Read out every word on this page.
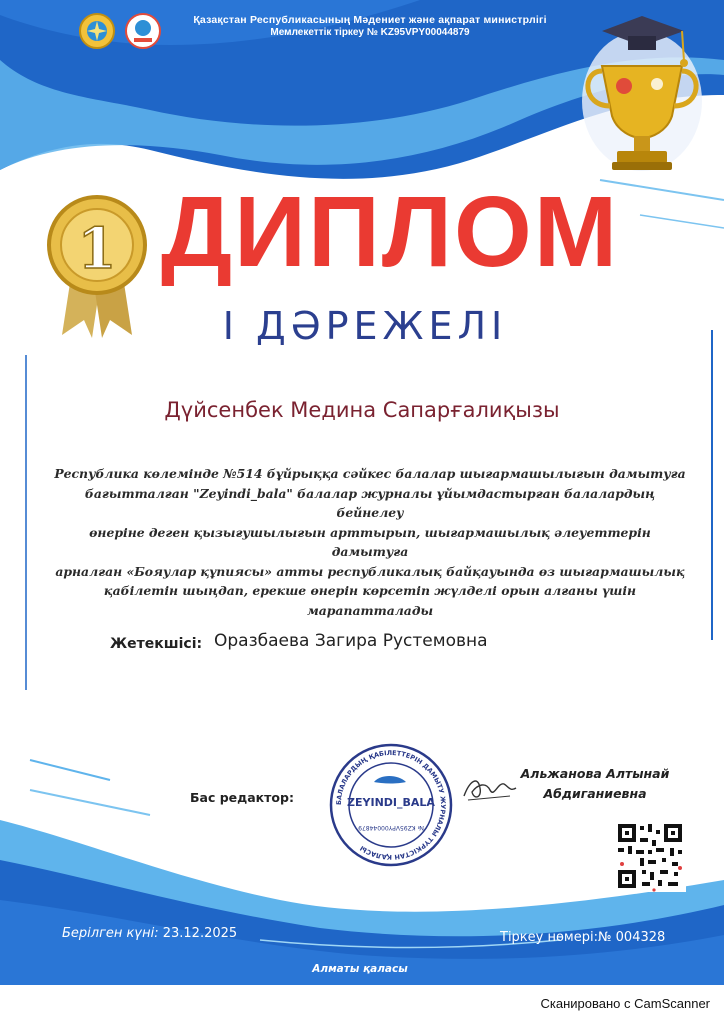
Қазақстан Республикасының Мәдениет және ақпарат министрлігі
Мемлекеттік тіркеу № KZ95VPY00044879
1 ДИПЛОМ
І ДӘРЕЖЕЛІ
Дүйсенбек Медина Сапарғалиқызы
Республика көлемінде №514 бұйрыққа сәйкес балалар шығармашылығын дамытуға
бағытталған "Zeyindi_bala" балалар журналы ұйымдастырған балалардың бейнелеу
өнеріне деген қызығушылығын арттырып, шығармашылық әлеуеттерін дамытуға
арналған «Бояулар құпиясы» атты республикалық байқауында өз шығармашылық
қабілетін шыңдап, ерекше өнерін көрсетіп жүлделі орын алғаны үшін
марапатталады
Жетекшісі: Оразбаева Загира Рустемовна
Бас редактор:	БАЛАЛАРДЫҢ ҚАБІЛЕТТЕРІН ДАМЫТУ ЖУРНАЛЫ ТҮРКІСТАН ҚАЛАСЫ
ZEYINDI_BALA
№ KZ95VPY00044879
Альжанова Алтынай
Абдиганиевна
Берілген күні: 23.12.2025	Тіркеу нөмері:№ 004328
Алматы қаласы
Сканировано с CamScanner
